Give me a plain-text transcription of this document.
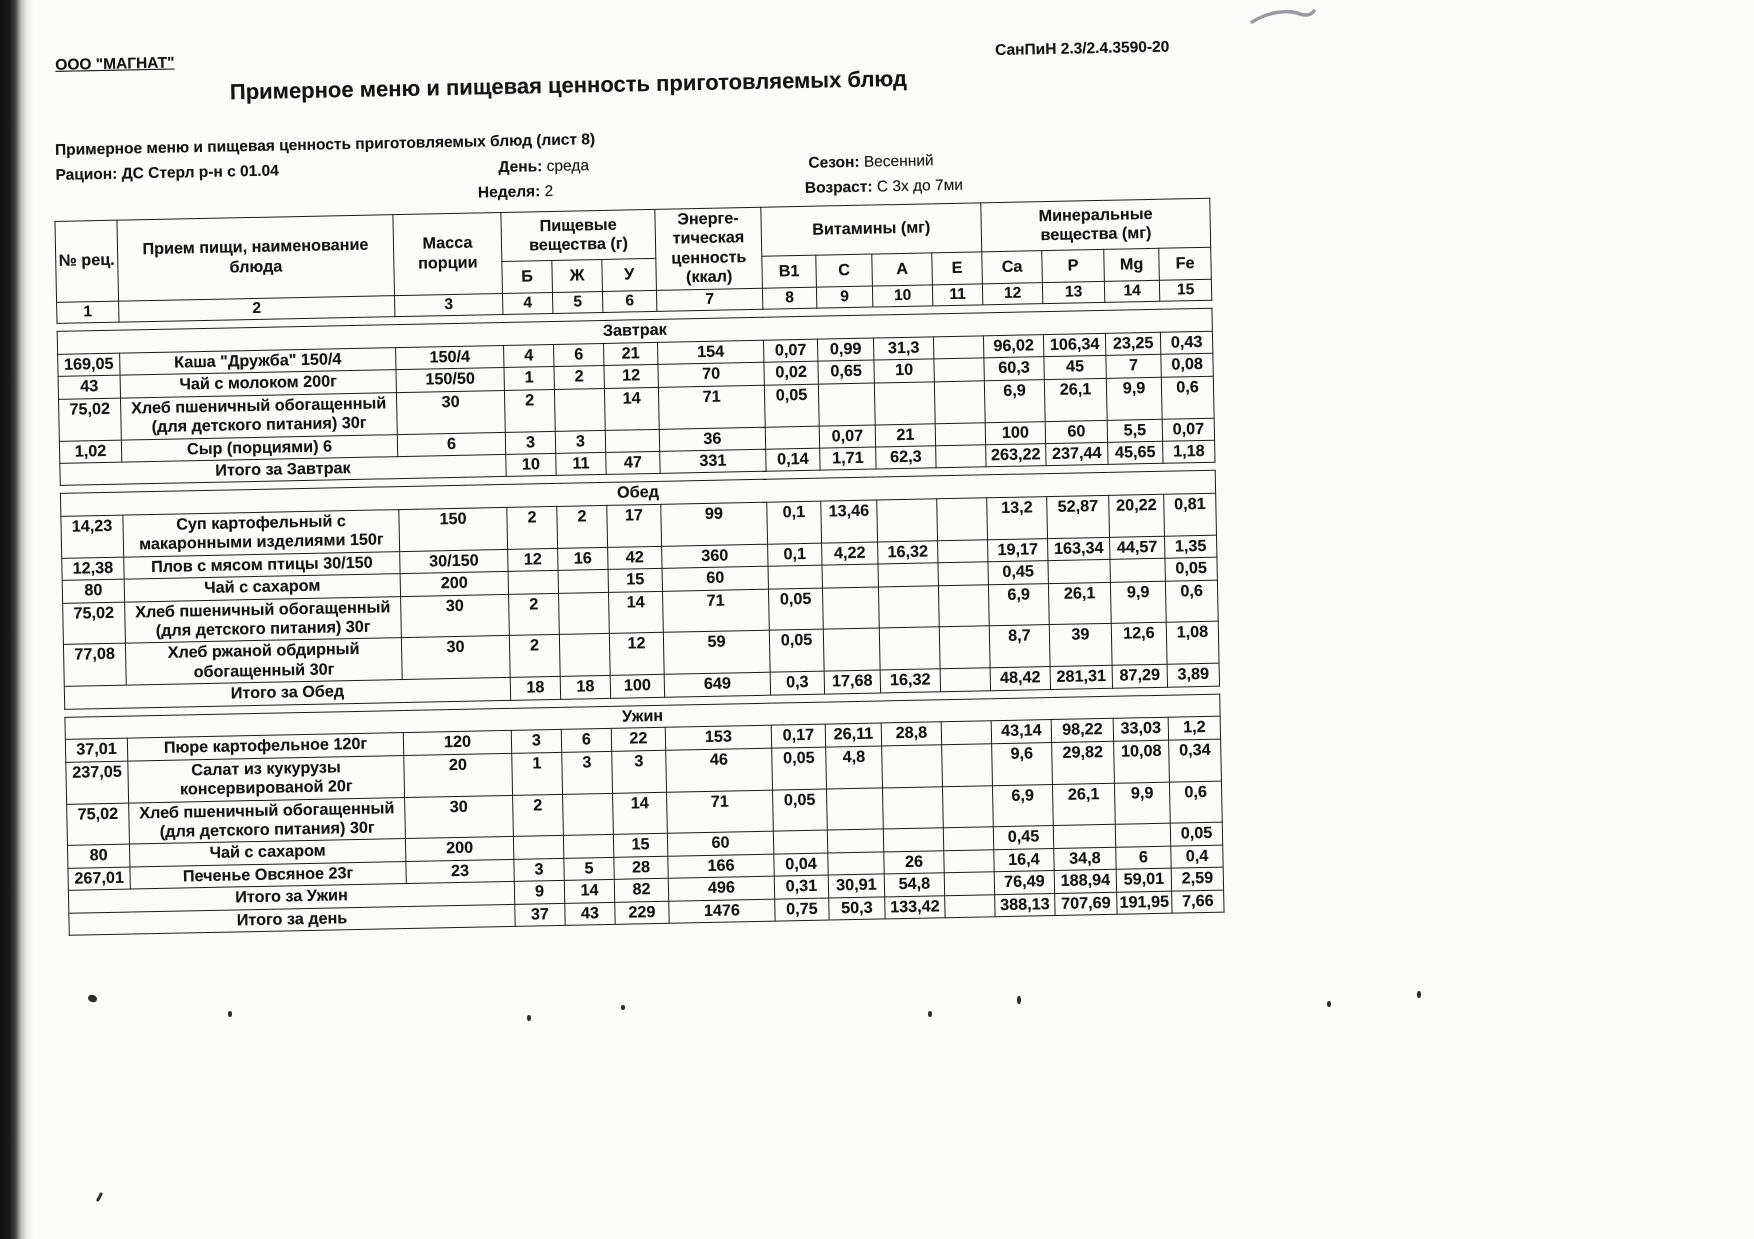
ООО "МАГНАТ"
СанПиН 2.3/2.4.3590-20
Примерное меню и пищевая ценность приготовляемых блюд
Примерное меню и пищевая ценность приготовляемых блюд (лист 8)
Рацион: ДС Стерл р-н с 01.04	День: среда
Неделя: 2
Сезон: Весенний
Возраст: С 3х до 7ми
№ рец.	Прием пищи, наименование блюда	Масса порции	Пищевые вещества (г)			Энерге-тическая ценность (ккал)	Витамины (мг)				Минеральные вещества (мг)			
			Б	Ж	У		B1	C	A	E	Ca	P	Mg	Fe
1	2	3	4	5	6	7	8	9	10	11	12	13	14	15
Завтрак														
169,05	Каша "Дружба" 150/4	150/4	4	6	21	154	0,07	0,99	31,3		96,02	106,34	23,25	0,43
43	Чай с молоком 200г	150/50	1	2	12	70	0,02	0,65	10		60,3	45	7	0,08
75,02	Хлеб пшеничный обогащенный (для детского питания) 30г	30	2		14	71	0,05				6,9	26,1	9,9	0,6
1,02	Сыр (порциями) 6	6	3	3		36		0,07	21		100	60	5,5	0,07
Итого за Завтрак			10	11	47	331	0,14	1,71	62,3		263,22	237,44	45,65	1,18
Обед														
14,23	Суп картофельный с макаронными изделиями 150г	150	2	2	17	99	0,1	13,46			13,2	52,87	20,22	0,81
12,38	Плов с мясом птицы 30/150	30/150	12	16	42	360	0,1	4,22	16,32		19,17	163,34	44,57	1,35
80	Чай с сахаром	200			15	60					0,45			0,05
75,02	Хлеб пшеничный обогащенный (для детского питания) 30г	30	2		14	71	0,05				6,9	26,1	9,9	0,6
77,08	Хлеб ржаной обдирный обогащенный 30г	30	2		12	59	0,05				8,7	39	12,6	1,08
Итого за Обед			18	18	100	649	0,3	17,68	16,32		48,42	281,31	87,29	3,89
Ужин														
37,01	Пюре картофельное 120г	120	3	6	22	153	0,17	26,11	28,8		43,14	98,22	33,03	1,2
237,05	Салат из кукурузы консервированой 20г	20	1	3	3	46	0,05	4,8			9,6	29,82	10,08	0,34
75,02	Хлеб пшеничный обогащенный (для детского питания) 30г	30	2		14	71	0,05				6,9	26,1	9,9	0,6
80	Чай с сахаром	200			15	60					0,45			0,05
267,01	Печенье Овсяное 23г	23	3	5	28	166	0,04		26		16,4	34,8	6	0,4
Итого за Ужин			9	14	82	496	0,31	30,91	54,8		76,49	188,94	59,01	2,59
Итого за день			37	43	229	1476	0,75	50,3	133,42		388,13	707,69	191,95	7,66
